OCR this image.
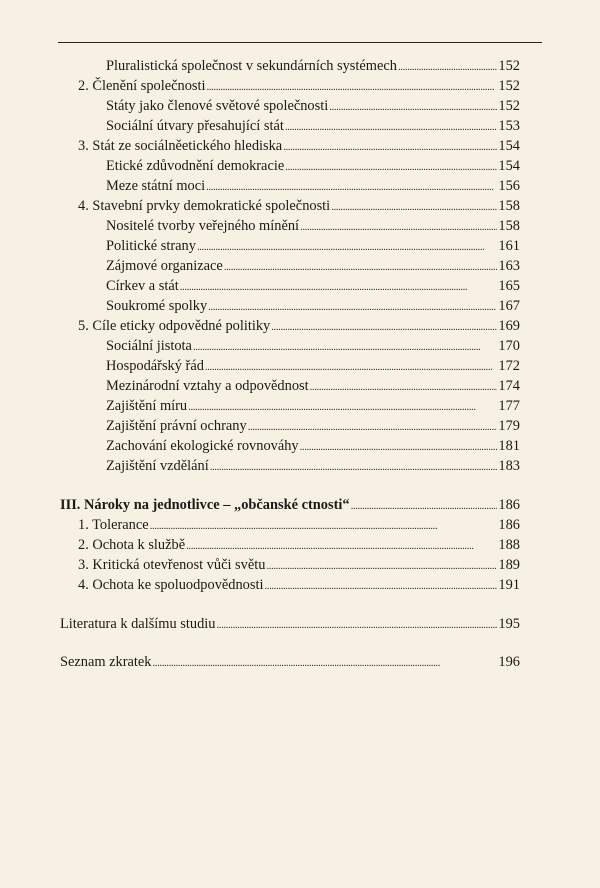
Pluralistická společnost v sekundárních systémech . . .	152
2. Členění společnosti . . .	152
Státy jako členové světové společnosti . . .	152
Sociální útvary přesahující stát . . .	153
3. Stát ze sociálněetického hlediska . . .	154
Etické zdůvodnění demokracie . . .	154
Meze státní moci . . .	156
4. Stavební prvky demokratické společnosti . . .	158
Nositelé tvorby veřejného mínění . . .	158
Politické strany . . .	161
Zájmové organizace . . .	163
Církev a stát . . .	165
Soukromé spolky . . .	167
5. Cíle eticky odpovědné politiky . . .	169
Sociální jistota . . .	170
Hospodářský řád . . .	172
Mezinárodní vztahy a odpovědnost . . .	174
Zajištění míru . . .	177
Zajištění právní ochrany . . .	179
Zachování ekologické rovnováhy . . .	181
Zajištění vzdělání . . .	183
III. Nároky na jednotlivce – „občanské ctnosti“ . . .	186
1. Tolerance . . .	186
2. Ochota k službě . . .	188
3. Kritická otevřenost vůči světu . . .	189
4. Ochota ke spoluodpovědnosti . . .	191
Literatura k dalšímu studiu . . .	195
Seznam zkratek . . .	196
